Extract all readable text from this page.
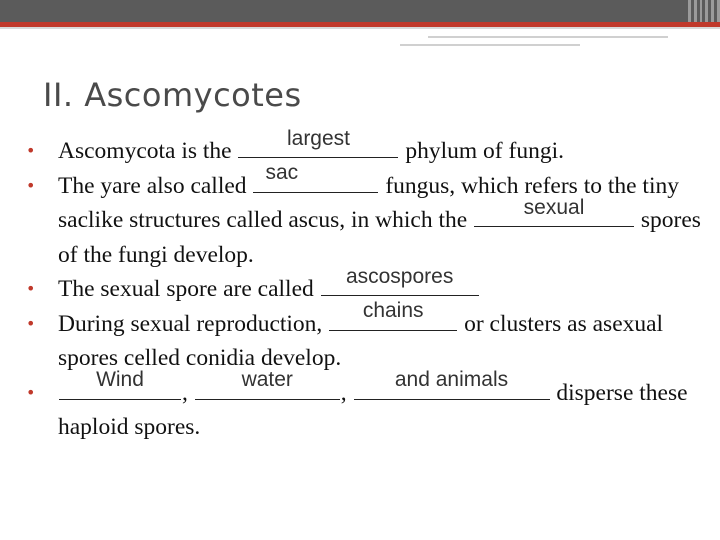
II. Ascomycotes

• Ascomycota is the	largest	phylum of fungi.

• The yare also called sac	fungus, which refers to the tiny saclike structures called ascus, in which the	sexual	spores of the fungi develop.

• The sexual spore are called	ascospores

• During sexual reproduction,	chains	or clusters as asexual spores celled conidia develop.

• Wind	,	water	,	and animals	disperse these haploid spores.
